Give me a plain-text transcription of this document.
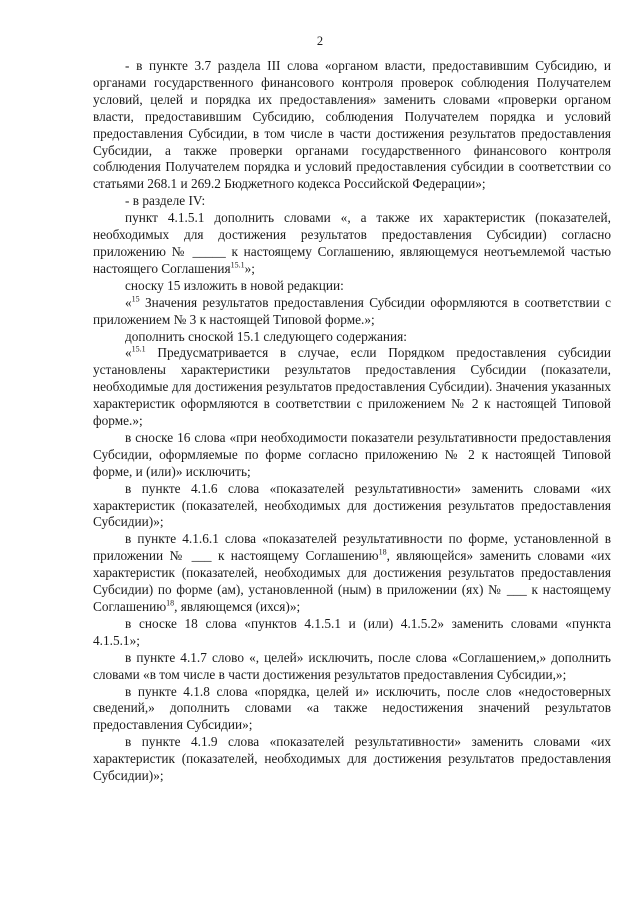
2

- в пункте 3.7 раздела III слова «органом власти, предоставившим Субсидию, и органами государственного финансового контроля проверок соблюдения Получателем условий, целей и порядка их предоставления» заменить словами «проверки органом власти, предоставившим Субсидию, соблюдения Получателем порядка и условий предоставления Субсидии, в том числе в части достижения результатов предоставления Субсидии, а также проверки органами государственного финансового контроля соблюдения Получателем порядка и условий предоставления субсидии в соответствии со статьями 268.1 и 269.2 Бюджетного кодекса Российской Федерации»;

- в разделе IV:

пункт 4.1.5.1 дополнить словами «, а также их характеристик (показателей, необходимых для достижения результатов предоставления Субсидии) согласно приложению № _____ к настоящему Соглашению, являющемуся неотъемлемой частью настоящего Соглашения$^{15.1}$»;

сноску 15 изложить в новой редакции:

«$^{15}$ Значения результатов предоставления Субсидии оформляются в соответствии с приложением № 3 к настоящей Типовой форме.»;

дополнить сноской 15.1 следующего содержания:

«$^{15.1}$ Предусматривается в случае, если Порядком предоставления субсидии установлены характеристики результатов предоставления Субсидии (показатели, необходимые для достижения результатов предоставления Субсидии). Значения указанных характеристик оформляются в соответствии с приложением № 2 к настоящей Типовой форме.»;

в сноске 16 слова «при необходимости показатели результативности предоставления Субсидии, оформляемые по форме согласно приложению № 2 к настоящей Типовой форме, и (или)» исключить;

в пункте 4.1.6 слова «показателей результативности» заменить словами «их характеристик (показателей, необходимых для достижения результатов предоставления Субсидии)»;

в пункте 4.1.6.1 слова «показателей результативности по форме, установленной в приложении № ___ к настоящему Соглашению$^{18}$, являющейся» заменить словами «их характеристик (показателей, необходимых для достижения результатов предоставления Субсидии) по форме (ам), установленной (ным) в приложении (ях) № ___ к настоящему Соглашению$^{18}$, являющемся (ихся)»;

в сноске 18 слова «пунктов 4.1.5.1 и (или) 4.1.5.2» заменить словами «пункта 4.1.5.1»;

в пункте 4.1.7 слово «, целей» исключить, после слова «Соглашением,» дополнить словами «в том числе в части достижения результатов предоставления Субсидии,»;

в пункте 4.1.8 слова «порядка, целей и» исключить, после слов «недостоверных сведений,» дополнить словами «а также недостижения значений результатов предоставления Субсидии»;

в пункте 4.1.9 слова «показателей результативности» заменить словами «их характеристик (показателей, необходимых для достижения результатов предоставления Субсидии)»;
